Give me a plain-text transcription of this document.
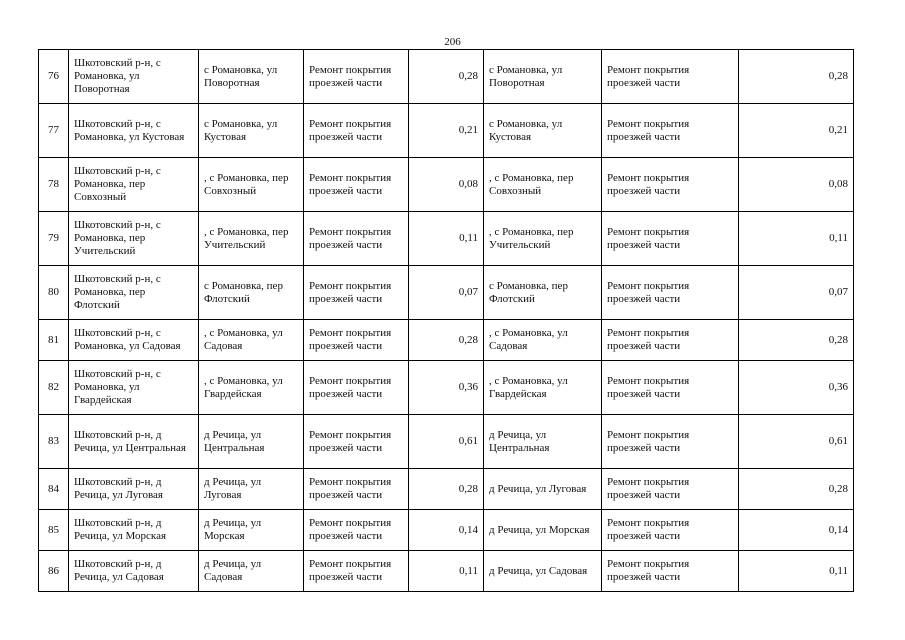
206
76	Шкотовский р-н, с Романовка, ул Поворотная	с Романовка, ул Поворотная	Ремонт покрытия проезжей части	0,28	с Романовка, ул Поворотная	Ремонт покрытия проезжей части	0,28
77	Шкотовский р-н, с Романовка, ул Кустовая	с Романовка, ул Кустовая	Ремонт покрытия проезжей части	0,21	с Романовка, ул Кустовая	Ремонт покрытия проезжей части	0,21
78	Шкотовский р-н, с Романовка, пер Совхозный	, с Романовка, пер Совхозный	Ремонт покрытия проезжей части	0,08	, с Романовка, пер Совхозный	Ремонт покрытия проезжей части	0,08
79	Шкотовский р-н, с Романовка, пер Учительский	, с Романовка, пер Учительский	Ремонт покрытия проезжей части	0,11	, с Романовка, пер Учительский	Ремонт покрытия проезжей части	0,11
80	Шкотовский р-н, с Романовка, пер Флотский	с Романовка, пер Флотский	Ремонт покрытия проезжей части	0,07	с Романовка, пер Флотский	Ремонт покрытия проезжей части	0,07
81	Шкотовский р-н, с Романовка, ул Садовая	, с Романовка, ул Садовая	Ремонт покрытия проезжей части	0,28	, с Романовка, ул Садовая	Ремонт покрытия проезжей части	0,28
82	Шкотовский р-н, с Романовка, ул Гвардейская	, с Романовка, ул Гвардейская	Ремонт покрытия проезжей части	0,36	, с Романовка, ул Гвардейская	Ремонт покрытия проезжей части	0,36
83	Шкотовский р-н, д Речица, ул Центральная	д Речица, ул Центральная	Ремонт покрытия проезжей части	0,61	д Речица, ул Центральная	Ремонт покрытия проезжей части	0,61
84	Шкотовский р-н, д Речица, ул Луговая	д Речица, ул Луговая	Ремонт покрытия проезжей части	0,28	д Речица, ул Луговая	Ремонт покрытия проезжей части	0,28
85	Шкотовский р-н, д Речица, ул Морская	д Речица, ул Морская	Ремонт покрытия проезжей части	0,14	д Речица, ул Морская	Ремонт покрытия проезжей части	0,14
86	Шкотовский р-н, д Речица, ул Садовая	д Речица, ул Садовая	Ремонт покрытия проезжей части	0,11	д Речица, ул Садовая	Ремонт покрытия проезжей части	0,11
